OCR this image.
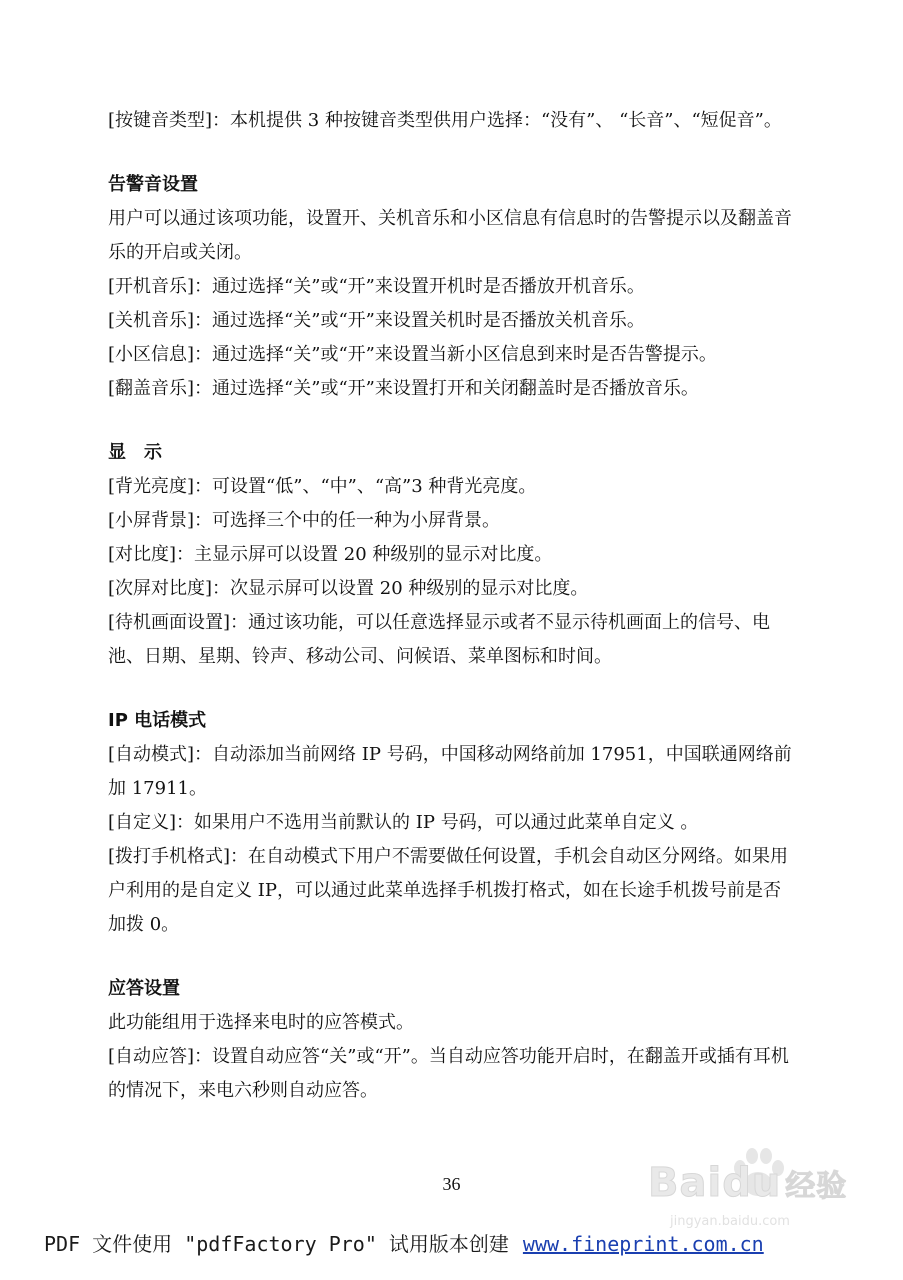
[按键音类型]：本机提供 3 种按键音类型供用户选择：“没有”、 “长音”、“短促音”。

告警音设置

用户可以通过该项功能，设置开、关机音乐和小区信息有信息时的告警提示以及翻盖音乐的开启或关闭。

[开机音乐]：通过选择“关”或“开”来设置开机时是否播放开机音乐。

[关机音乐]：通过选择“关”或“开”来设置关机时是否播放关机音乐。

[小区信息]：通过选择“关”或“开”来设置当新小区信息到来时是否告警提示。

[翻盖音乐]：通过选择“关”或“开”来设置打开和关闭翻盖时是否播放音乐。

显　示

[背光亮度]：可设置“低”、“中”、“高”3 种背光亮度。

[小屏背景]：可选择三个中的任一种为小屏背景。

[对比度]：主显示屏可以设置 20 种级别的显示对比度。

[次屏对比度]：次显示屏可以设置 20 种级别的显示对比度。

[待机画面设置]：通过该功能，可以任意选择显示或者不显示待机画面上的信号、电池、日期、星期、铃声、移动公司、问候语、菜单图标和时间。

IP 电话模式

[自动模式]：自动添加当前网络 IP 号码，中国移动网络前加 17951，中国联通网络前加 17911。

[自定义]：如果用户不选用当前默认的 IP 号码，可以通过此菜单自定义 。

[拨打手机格式]：在自动模式下用户不需要做任何设置，手机会自动区分网络。如果用户利用的是自定义 IP，可以通过此菜单选择手机拨打格式，如在长途手机拨号前是否加拨 0。

应答设置

此功能组用于选择来电时的应答模式。

[自动应答]：设置自动应答“关”或“开”。当自动应答功能开启时，在翻盖开或插有耳机的情况下，来电六秒则自动应答。

36	Baidu 经验
jingyan.baidu.com
PDF 文件使用 "pdfFactory Pro" 试用版本创建 www.fineprint.com.cn
